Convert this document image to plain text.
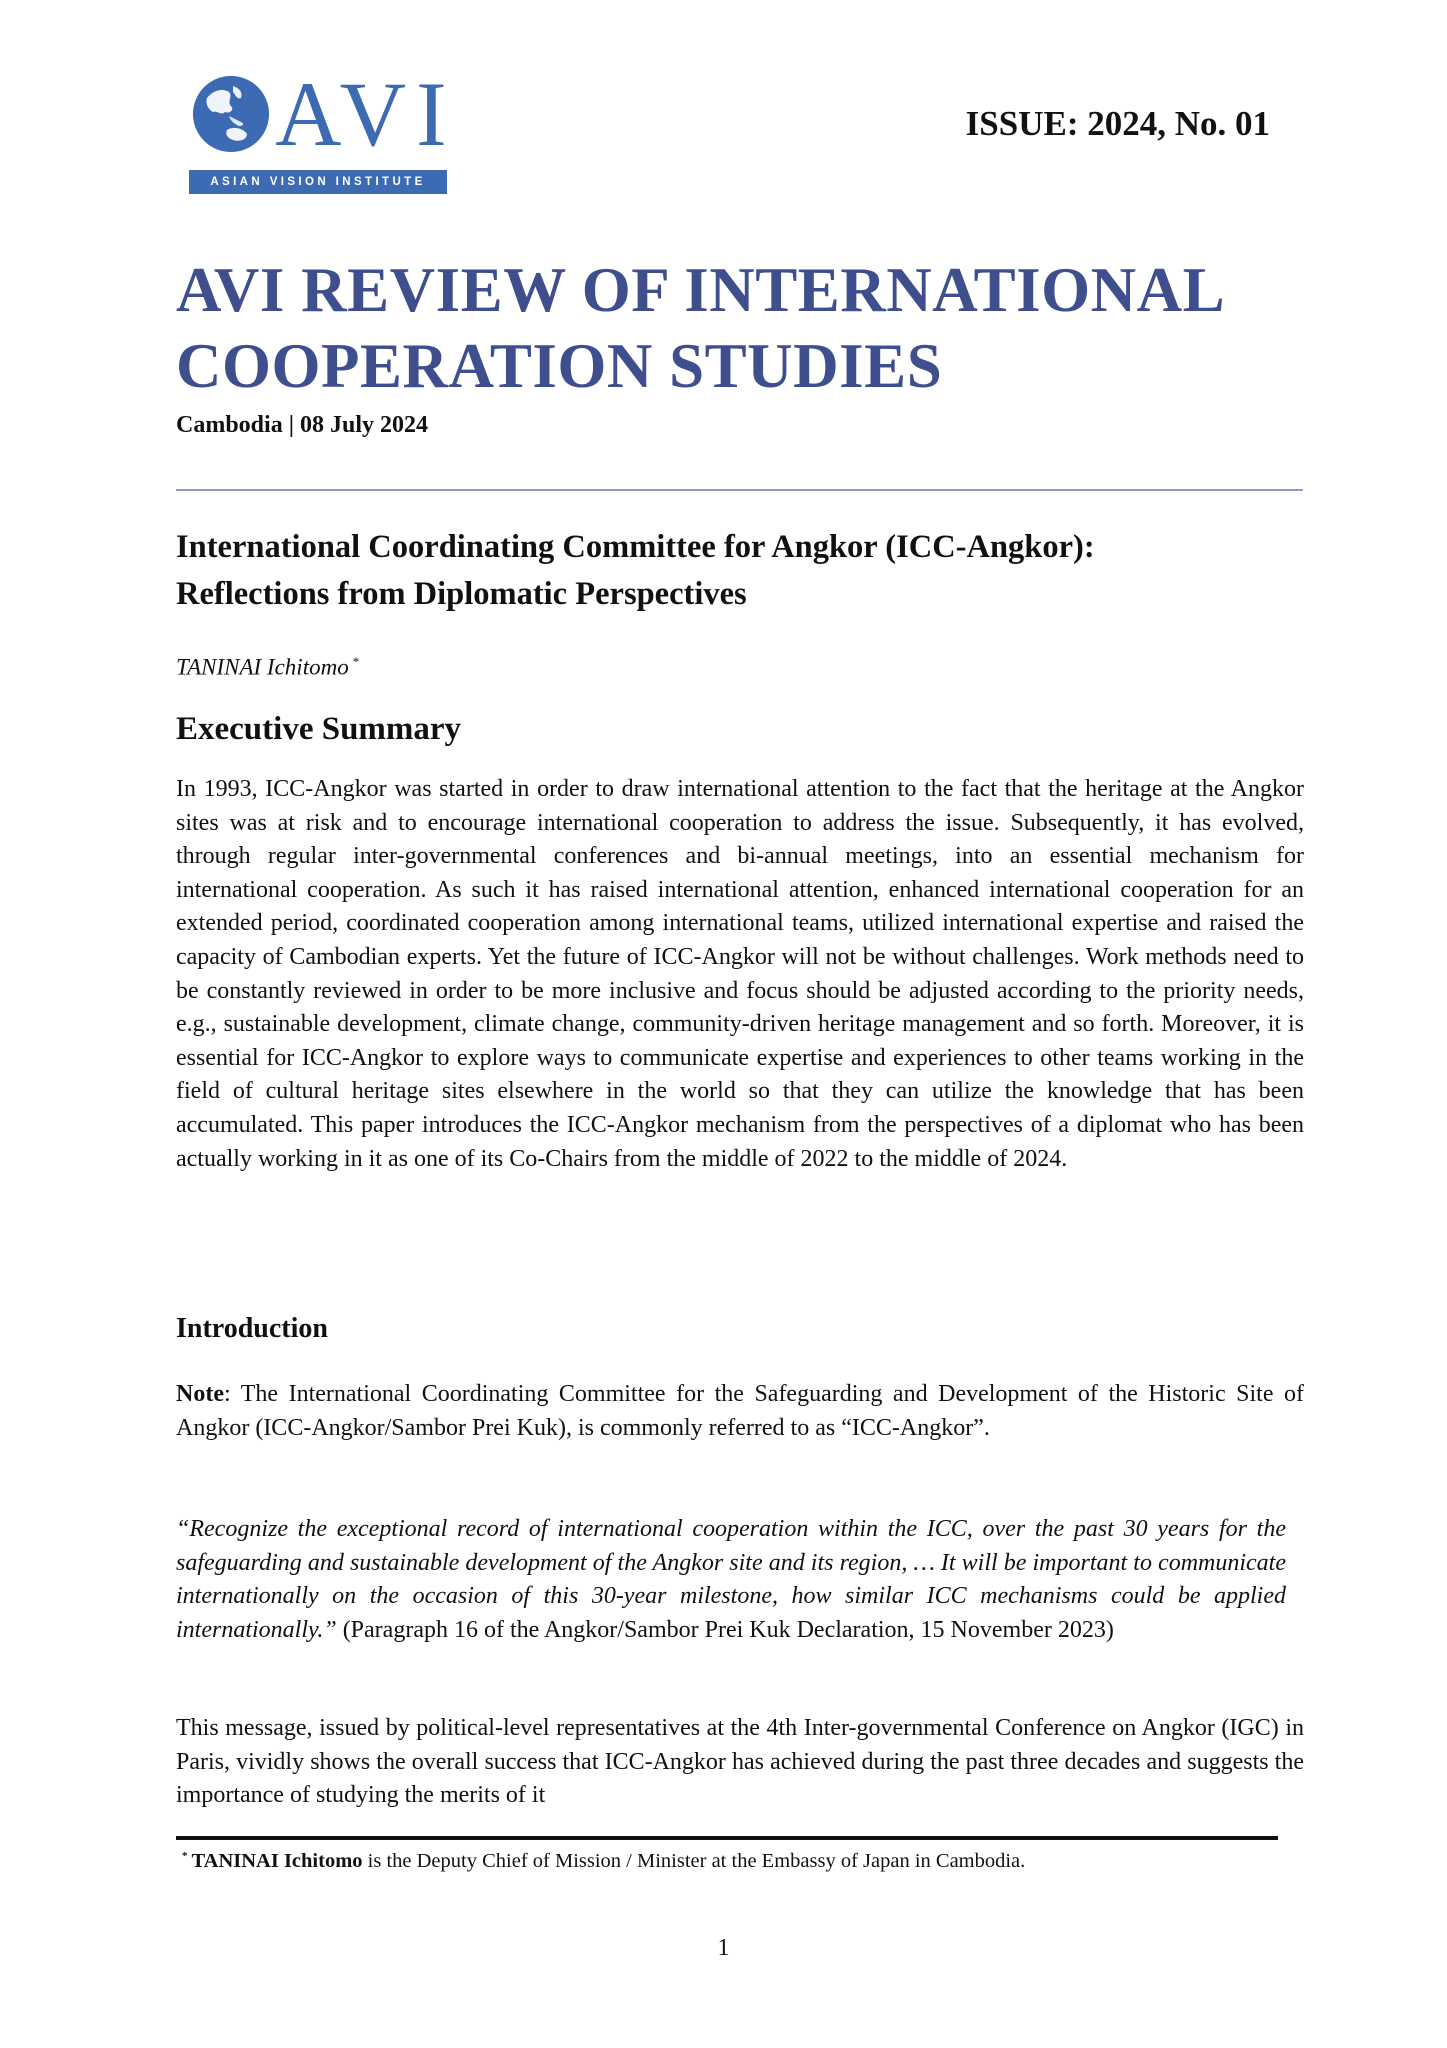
AVI
ASIAN VISION INSTITUTE
ISSUE: 2024, No. 01
AVI REVIEW OF INTERNATIONAL
COOPERATION STUDIES
Cambodia | 08 July 2024
International Coordinating Committee for Angkor (ICC-Angkor):
Reflections from Diplomatic Perspectives
TANINAI Ichitomo *
Executive Summary
In 1993, ICC-Angkor was started in order to draw international attention to the fact that the heritage at the Angkor sites was at risk and to encourage international cooperation to address the issue. Subsequently, it has evolved, through regular inter-governmental conferences and bi-annual meetings, into an essential mechanism for international cooperation. As such it has raised international attention, enhanced international cooperation for an extended period, coordinated cooperation among international teams, utilized international expertise and raised the capacity of Cambodian experts. Yet the future of ICC-Angkor will not be without challenges. Work methods need to be constantly reviewed in order to be more inclusive and focus should be adjusted according to the priority needs, e.g., sustainable development, climate change, community-driven heritage management and so forth. Moreover, it is essential for ICC-Angkor to explore ways to communicate expertise and experiences to other teams working in the field of cultural heritage sites elsewhere in the world so that they can utilize the knowledge that has been accumulated. This paper introduces the ICC-Angkor mechanism from the perspectives of a diplomat who has been actually working in it as one of its Co-Chairs from the middle of 2022 to the middle of 2024.
Introduction
Note: The International Coordinating Committee for the Safeguarding and Development of the Historic Site of Angkor (ICC-Angkor/Sambor Prei Kuk), is commonly referred to as “ICC-Angkor”.
“Recognize the exceptional record of international cooperation within the ICC, over the past 30 years for the safeguarding and sustainable development of the Angkor site and its region, … It will be important to communicate internationally on the occasion of this 30-year milestone, how similar ICC mechanisms could be applied internationally.” (Paragraph 16 of the Angkor/Sambor Prei Kuk Declaration, 15 November 2023)
This message, issued by political-level representatives at the 4th Inter-governmental Conference on Angkor (IGC) in Paris, vividly shows the overall success that ICC-Angkor has achieved during the past three decades and suggests the importance of studying the merits of it
* TANINAI Ichitomo is the Deputy Chief of Mission / Minister at the Embassy of Japan in Cambodia.
1
